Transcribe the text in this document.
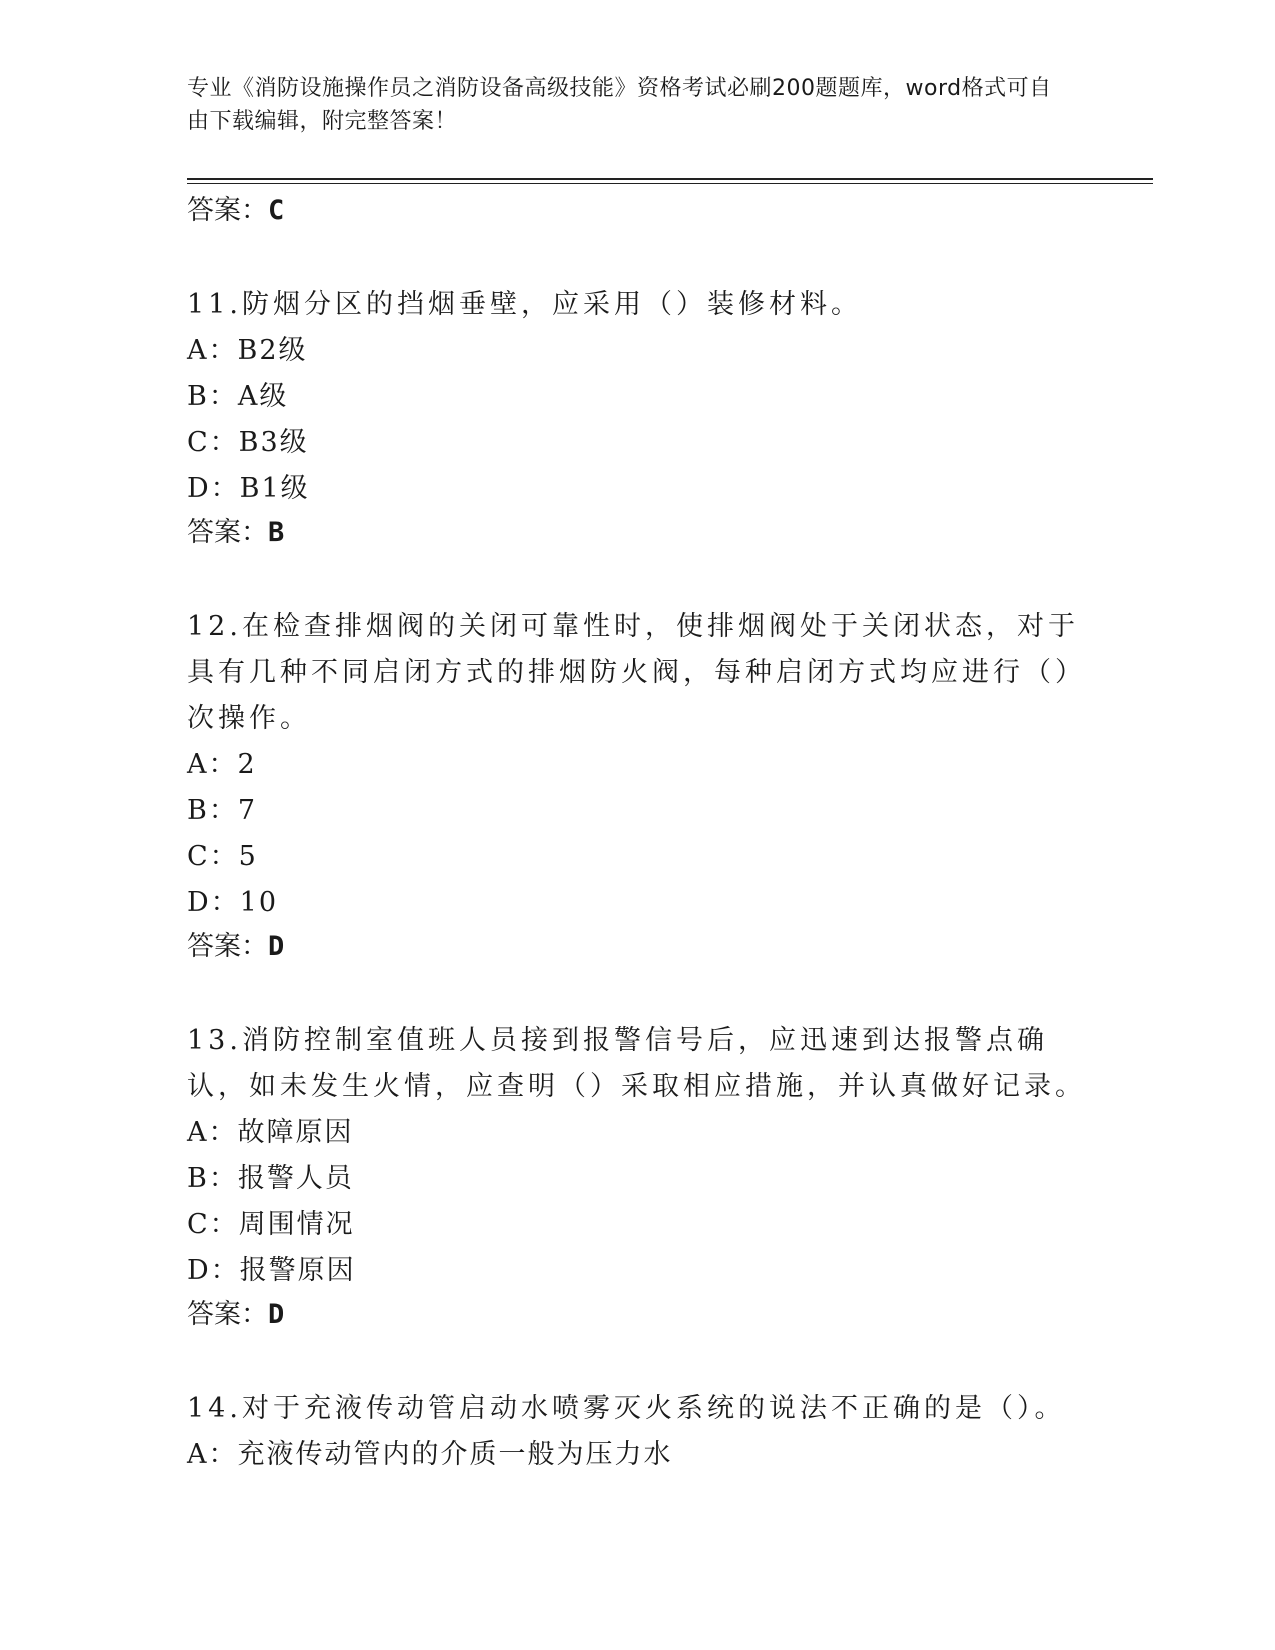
专业《消防设施操作员之消防设备高级技能》资格考试必刷200题题库，word格式可自由下载编辑，附完整答案！
答案：C

11.防烟分区的挡烟垂壁，应采用（）装修材料。

A：B2级
B：A级
C：B3级
D：B1级
答案：B

12.在检查排烟阀的关闭可靠性时，使排烟阀处于关闭状态，对于具有几种不同启闭方式的排烟防火阀，每种启闭方式均应进行（）次操作。

A：2
B：7
C：5
D：10
答案：D

13.消防控制室值班人员接到报警信号后，应迅速到达报警点确认，如未发生火情，应查明（）采取相应措施，并认真做好记录。

A：故障原因
B：报警人员
C：周围情况
D：报警原因
答案：D

14.对于充液传动管启动水喷雾灭火系统的说法不正确的是（）。

A：充液传动管内的介质一般为压力水
